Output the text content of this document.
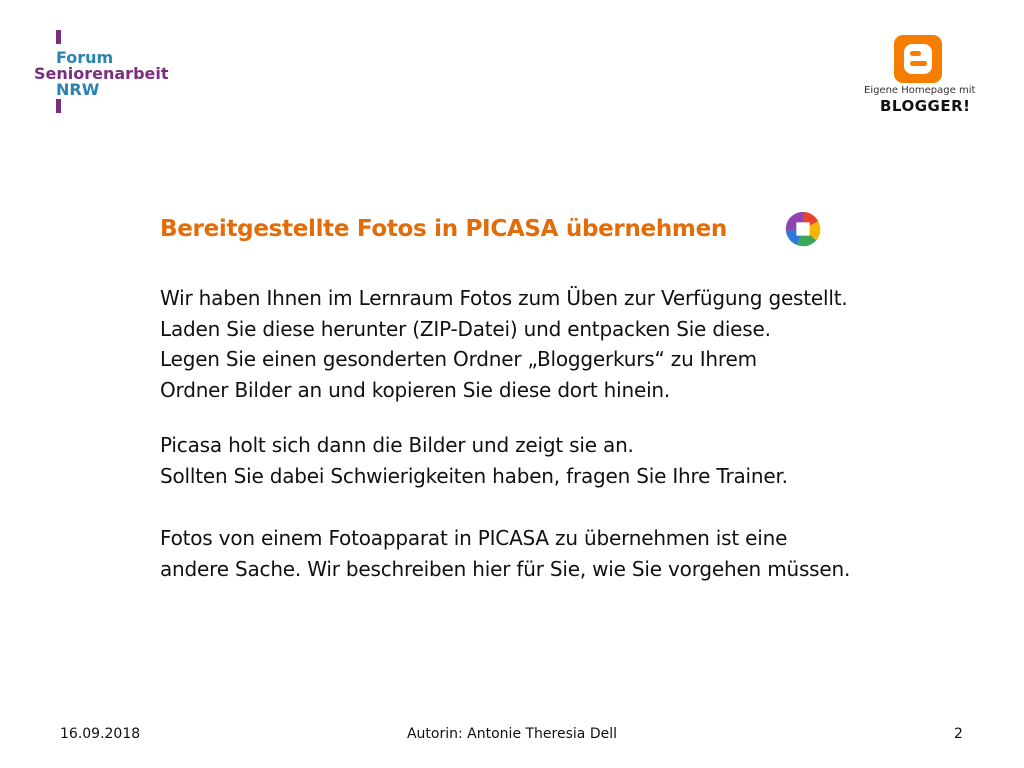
Forum
Seniorenarbeit
NRW	Eigene Homepage mit
BLOGGER!
Bereitgestellte Fotos in PICASA übernehmen
Wir haben Ihnen im Lernraum Fotos zum Üben zur Verfügung gestellt.
Laden Sie diese herunter (ZIP-Datei) und entpacken Sie diese.
Legen Sie einen gesonderten Ordner „Bloggerkurs“ zu Ihrem
Ordner Bilder an und kopieren Sie diese dort hinein.
Picasa holt sich dann die Bilder und zeigt sie an.
Sollten Sie dabei Schwierigkeiten haben, fragen Sie Ihre Trainer.
Fotos von einem Fotoapparat in PICASA zu übernehmen ist eine
andere Sache. Wir beschreiben hier für Sie, wie Sie vorgehen müssen.
16.09.2018	Autorin: Antonie Theresia Dell	2
